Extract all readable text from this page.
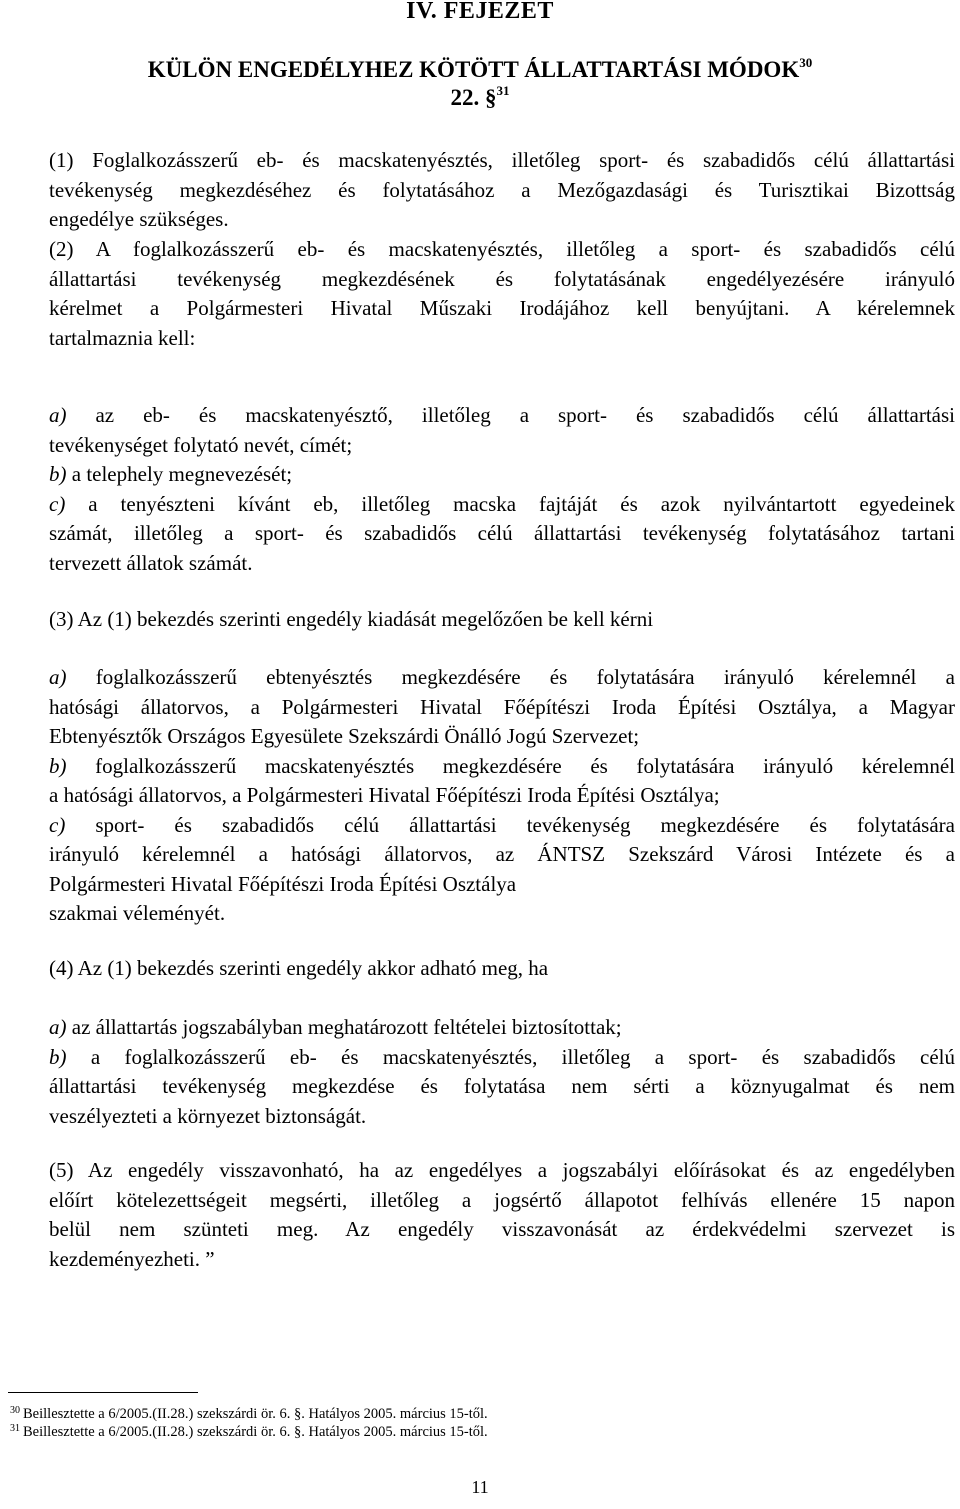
IV. FEJEZET
KÜLÖN ENGEDÉLYHEZ KÖTÖTT ÁLLATTARTÁSI MÓDOK$^{30}$
22. §$^{31}$
(1) Foglalkozásszerű eb- és macskatenyésztés, illetőleg sport- és szabadidős célú állattartási
tevékenység megkezdéséhez és folytatásához a Mezőgazdasági és Turisztikai Bizottság
engedélye szükséges.
(2) A foglalkozásszerű eb- és macskatenyésztés, illetőleg a sport- és szabadidős célú
állattartási tevékenység megkezdésének és folytatásának engedélyezésére irányuló
kérelmet a Polgármesteri Hivatal Műszaki Irodájához kell benyújtani. A kérelemnek
tartalmaznia kell:
a) az eb- és macskatenyésztő, illetőleg a sport- és szabadidős célú állattartási
tevékenységet folytató nevét, címét;
b) a telephely megnevezését;
c) a tenyészteni kívánt eb, illetőleg macska fajtáját és azok nyilvántartott egyedeinek
számát, illetőleg a sport- és szabadidős célú állattartási tevékenység folytatásához tartani
tervezett állatok számát.
(3) Az (1) bekezdés szerinti engedély kiadását megelőzően be kell kérni
a) foglalkozásszerű ebtenyésztés megkezdésére és folytatására irányuló kérelemnél a
hatósági állatorvos, a Polgármesteri Hivatal Főépítészi Iroda Építési Osztálya, a Magyar
Ebtenyésztők Országos Egyesülete Szekszárdi Önálló Jogú Szervezet;
b) foglalkozásszerű macskatenyésztés megkezdésére és folytatására irányuló kérelemnél
a hatósági állatorvos, a Polgármesteri Hivatal Főépítészi Iroda Építési Osztálya;
c) sport- és szabadidős célú állattartási tevékenység megkezdésére és folytatására
irányuló kérelemnél a hatósági állatorvos, az ÁNTSZ Szekszárd Városi Intézete és a
Polgármesteri Hivatal Főépítészi Iroda Építési Osztálya
szakmai véleményét.
(4) Az (1) bekezdés szerinti engedély akkor adható meg, ha
a) az állattartás jogszabályban meghatározott feltételei biztosítottak;
b) a foglalkozásszerű eb- és macskatenyésztés, illetőleg a sport- és szabadidős célú
állattartási tevékenység megkezdése és folytatása nem sérti a köznyugalmat és nem
veszélyezteti a környezet biztonságát.
(5) Az engedély visszavonható, ha az engedélyes a jogszabályi előírásokat és az engedélyben
előírt kötelezettségeit megsérti, illetőleg a jogsértő állapotot felhívás ellenére 15 napon
belül nem szünteti meg. Az engedély visszavonását az érdekvédelmi szervezet is
kezdeményezheti. ”
$^{30}$ Beillesztette a 6/2005.(II.28.) szekszárdi ör. 6. §. Hatályos 2005. március 15-től.
$^{31}$ Beillesztette a 6/2005.(II.28.) szekszárdi ör. 6. §. Hatályos 2005. március 15-től.
11
